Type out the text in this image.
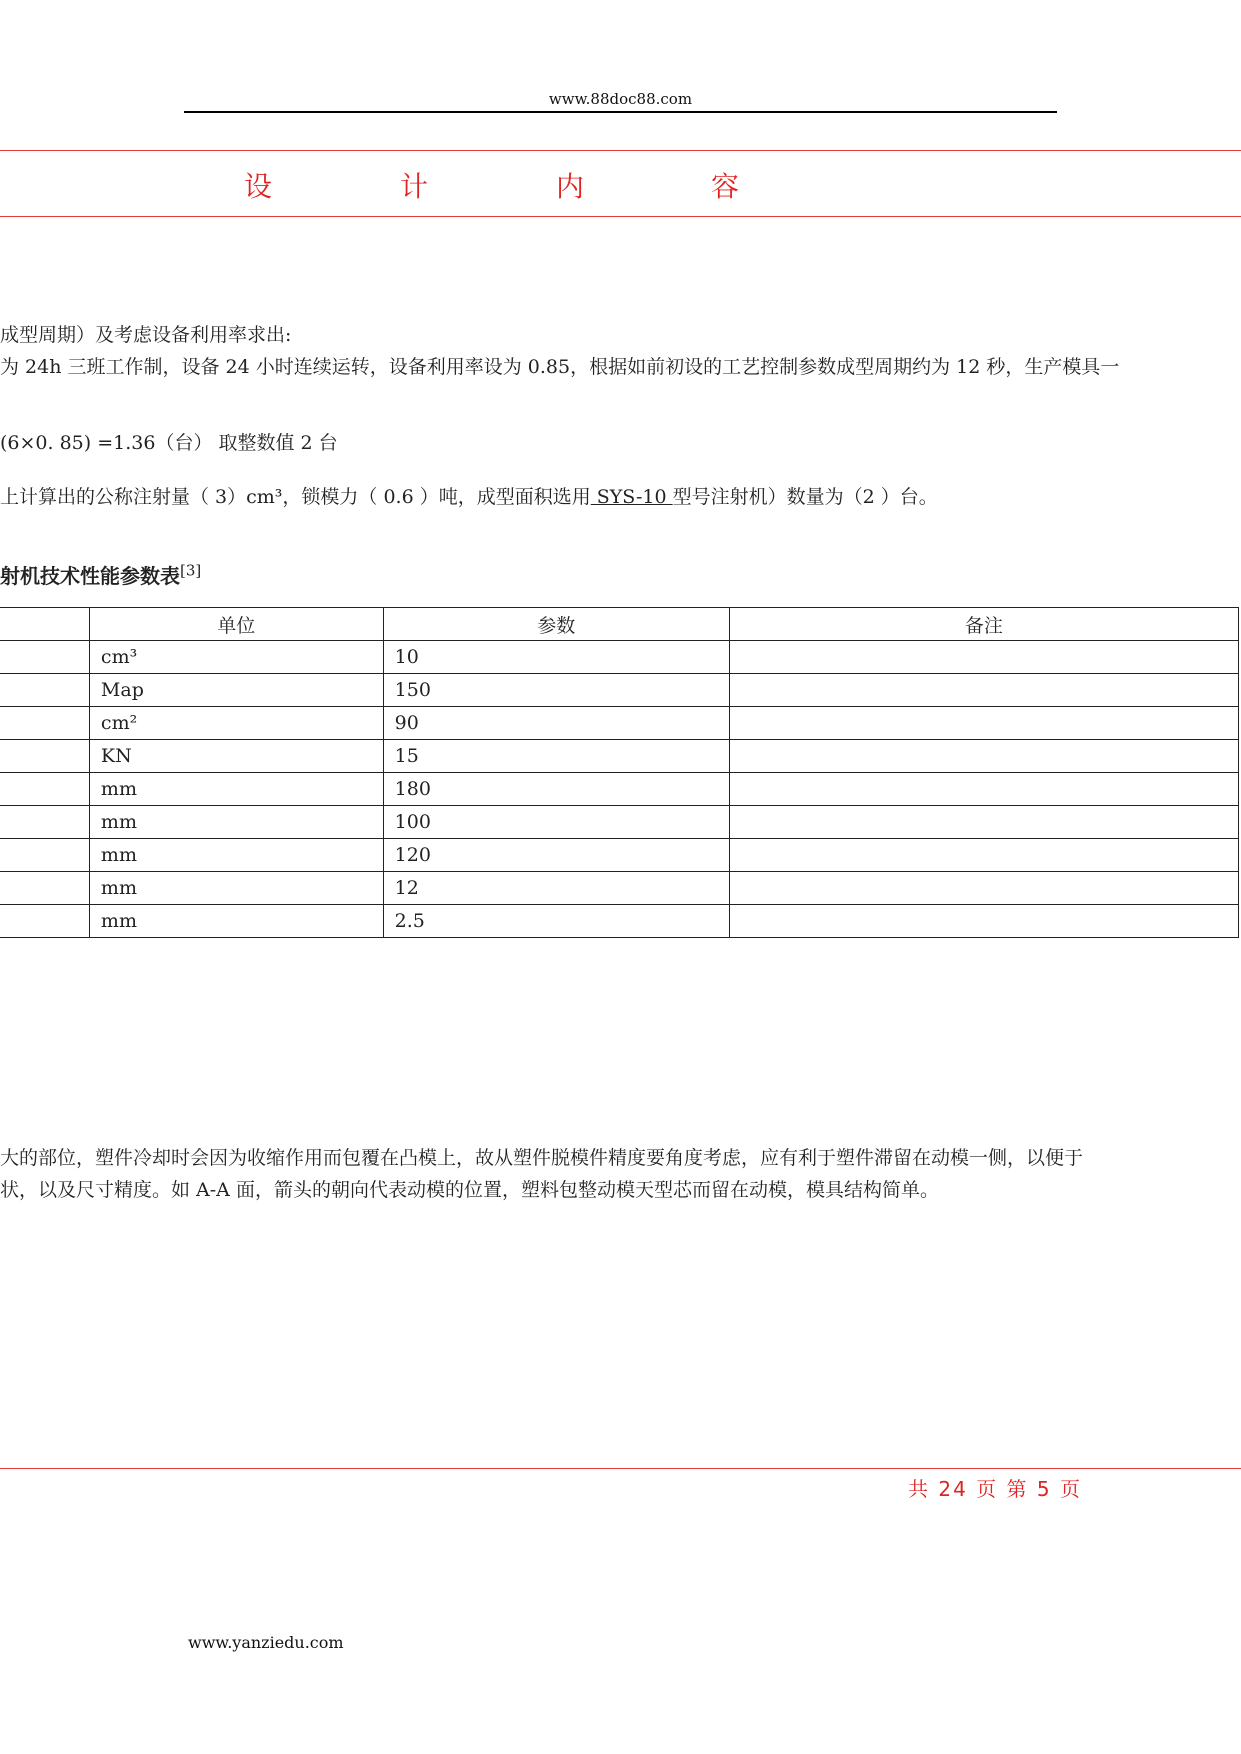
www.88doc88.com
设	计	内	容
成型周期）及考虑设备利用率求出:
为 24h 三班工作制，设备 24 小时连续运转，设备利用率设为 0.85，根据如前初设的工艺控制参数成型周期约为 12 秒，生产模具一
(6×0. 85) =1.36（台） 取整数值 2 台
上计算出的公称注射量（ 3）cm³，锁模力（ 0.6 ）吨，成型面积选用 SYS-10 型号注射机）数量为（2 ）台。
射机技术性能参数表[3]
	单位	参数	备注
	cm³	10	
	Map	150	
	cm²	90	
	KN	15	
	mm	180	
	mm	100	
	mm	120	
	mm	12	
	mm	2.5	
大的部位，塑件冷却时会因为收缩作用而包覆在凸模上，故从塑件脱模件精度要角度考虑，应有利于塑件滞留在动模一侧，以便于
状，以及尺寸精度。如 A-A 面，箭头的朝向代表动模的位置，塑料包整动模天型芯而留在动模，模具结构简单。
共 24 页 第 5 页
www.yanziedu.com
